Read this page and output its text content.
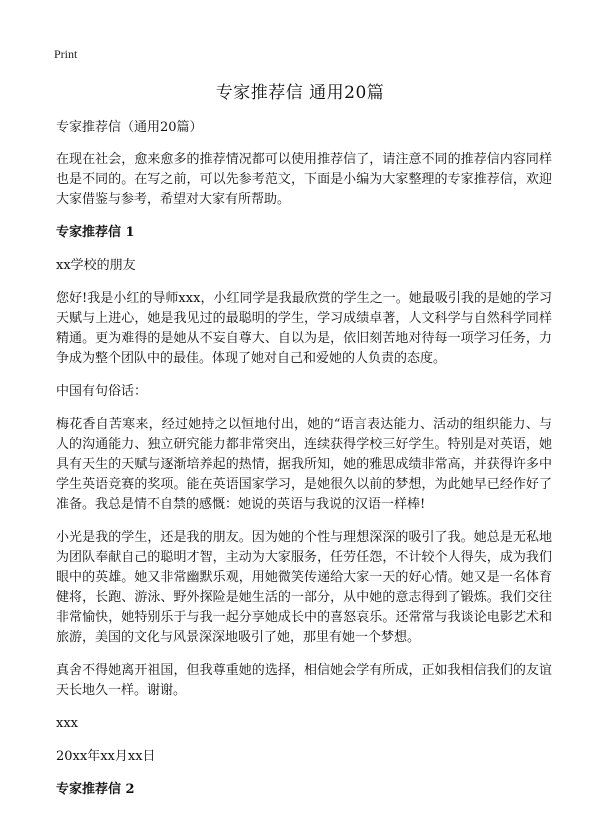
Print
专家推荐信 通用20篇

专家推荐信（通用20篇）

在现在社会，愈来愈多的推荐情况都可以使用推荐信了，请注意不同的推荐信内容同样也是不同的。在写之前，可以先参考范文，下面是小编为大家整理的专家推荐信，欢迎大家借鉴与参考，希望对大家有所帮助。

专家推荐信 1

xx学校的朋友

您好!我是小红的导师xxx，小红同学是我最欣赏的学生之一。她最吸引我的是她的学习天赋与上进心，她是我见过的最聪明的学生，学习成绩卓著，人文科学与自然科学同样精通。更为难得的是她从不妄自尊大、自以为是，依旧刻苦地对待每一项学习任务，力争成为整个团队中的最佳。体现了她对自己和爱她的人负责的态度。

中国有句俗话：

梅花香自苦寒来，经过她持之以恒地付出，她的“语言表达能力、活动的组织能力、与人的沟通能力、独立研究能力都非常突出，连续获得学校三好学生。特别是对英语，她具有天生的天赋与逐渐培养起的热情，据我所知，她的雅思成绩非常高，并获得许多中学生英语竞赛的奖项。能在英语国家学习，是她很久以前的梦想，为此她早已经作好了准备。我总是情不自禁的感慨：她说的英语与我说的汉语一样棒!

小光是我的学生，还是我的朋友。因为她的个性与理想深深的吸引了我。她总是无私地为团队奉献自己的聪明才智，主动为大家服务，任劳任怨，不计较个人得失，成为我们眼中的英雄。她又非常幽默乐观，用她微笑传递给大家一天的好心情。她又是一名体育健将，长跑、游泳、野外探险是她生活的一部分，从中她的意志得到了锻炼。我们交往非常愉快，她特别乐于与我一起分享她成长中的喜怒哀乐。还常常与我谈论电影艺术和旅游，美国的文化与风景深深地吸引了她，那里有她一个梦想。

真舍不得她离开祖国，但我尊重她的选择，相信她会学有所成，正如我相信我们的友谊天长地久一样。谢谢。

xxx

20xx年xx月xx日

专家推荐信 2
